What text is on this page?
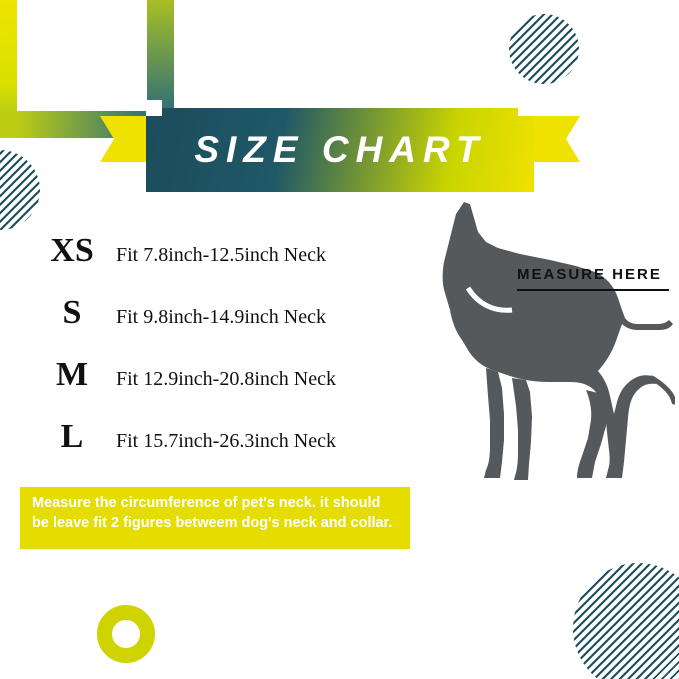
SIZE CHART
XS	Fit 7.8inch-12.5inch Neck
S	Fit 9.8inch-14.9inch Neck
M	Fit 12.9inch-20.8inch Neck
L	Fit 15.7inch-26.3inch Neck
MEASURE HERE
Measure the circumference of pet's neck. it should be leave fit 2 figures betweem dog's neck and collar.
